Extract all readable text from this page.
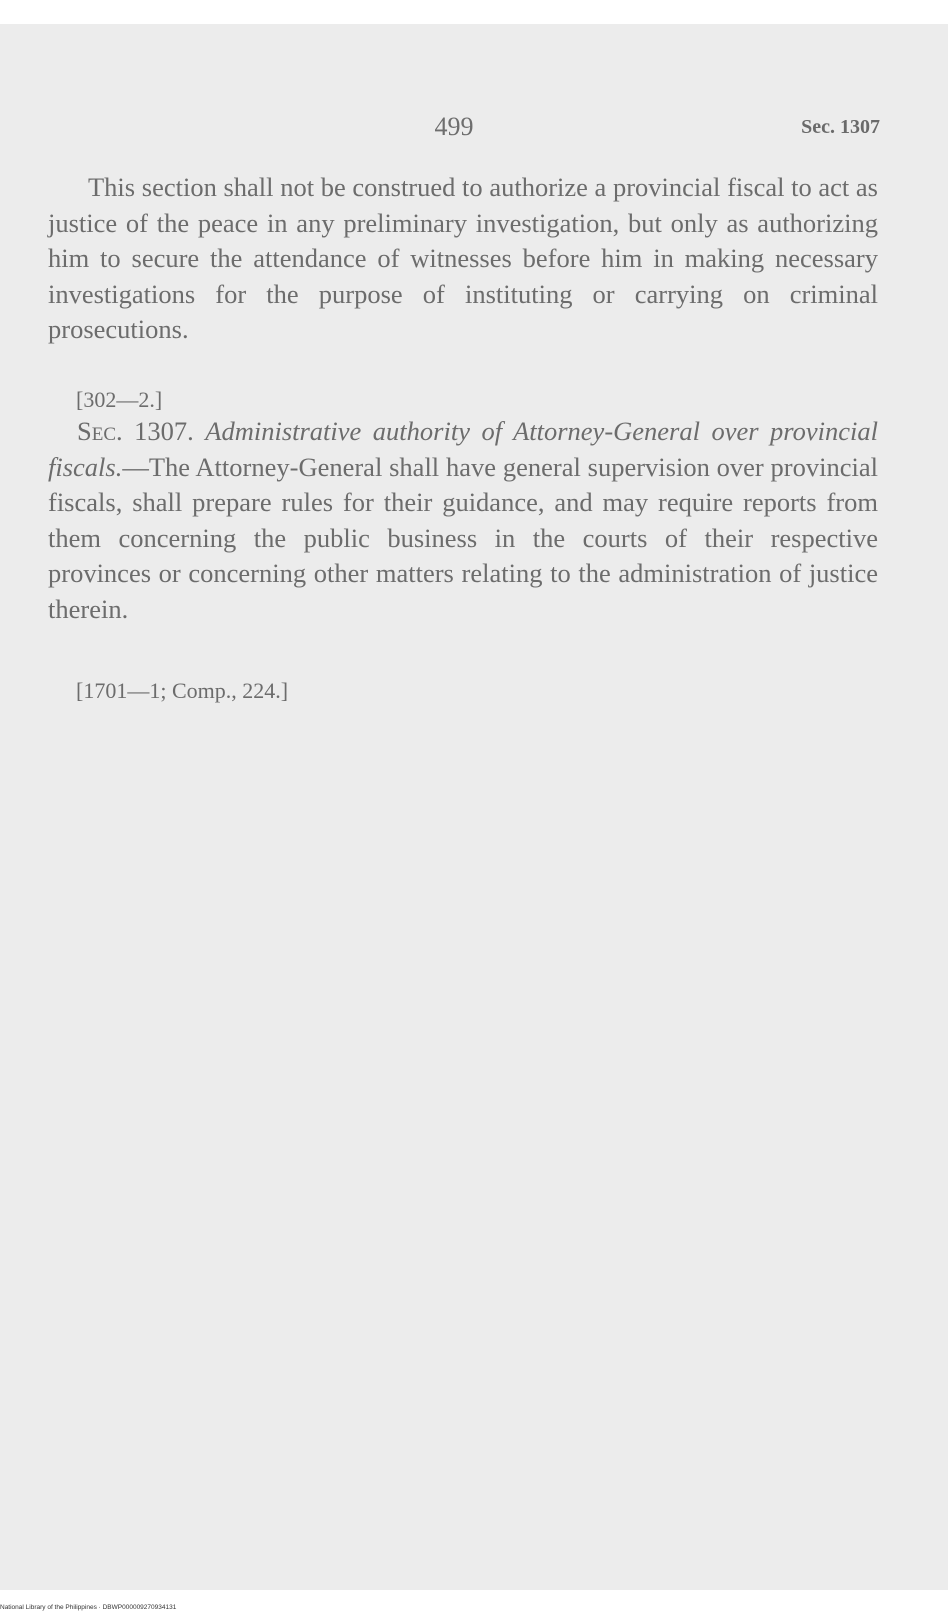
499	Sec. 1307

This section shall not be construed to authorize a provincial fiscal to act as justice of the peace in any preliminary investigation, but only as authorizing him to secure the attendance of witnesses before him in making necessary investigations for the purpose of instituting or carrying on criminal prosecutions.

[302—2.]

Sec. 1307. Administrative authority of Attorney-General over provincial fiscals.—The Attorney-General shall have general supervision over provincial fiscals, shall prepare rules for their guidance, and may require reports from them concerning the public business in the courts of their respective provinces or concerning other matters relating to the administration of justice therein.

[1701—1; Comp., 224.]

National Library of the Philippines · DBWP000009270934131
